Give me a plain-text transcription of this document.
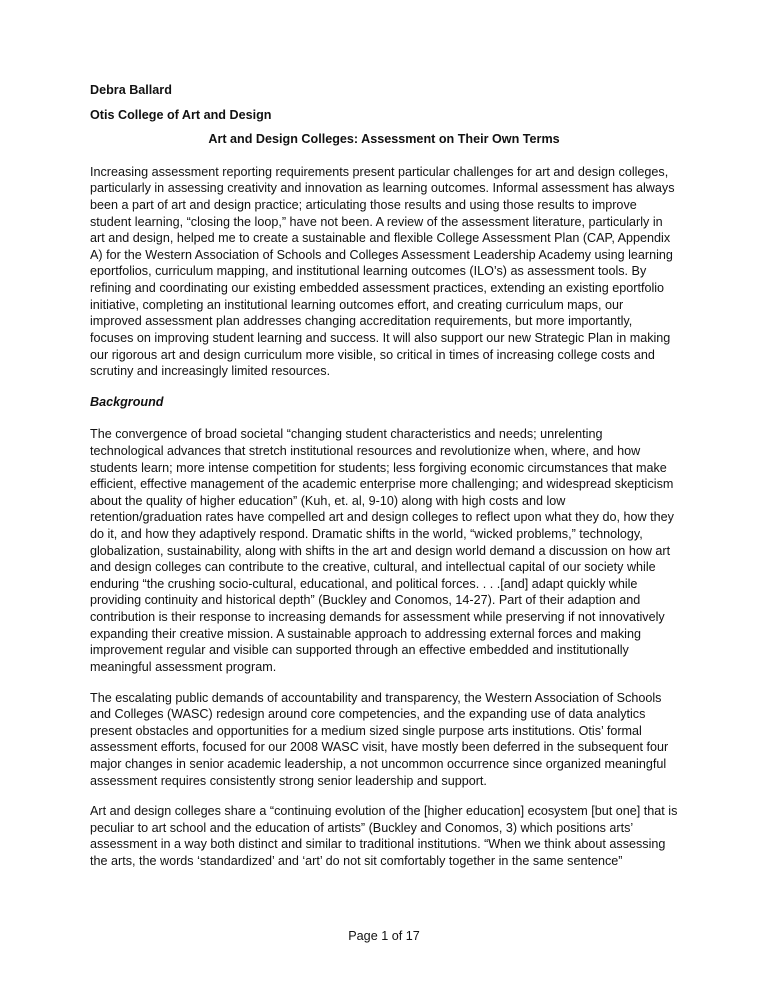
Debra Ballard

Otis College of Art and Design

Art and Design Colleges: Assessment on Their Own Terms

Increasing assessment reporting requirements present particular challenges for art and design colleges, particularly in assessing creativity and innovation as learning outcomes. Informal assessment has always been a part of art and design practice; articulating those results and using those results to improve student learning, “closing the loop,” have not been. A review of the assessment literature, particularly in art and design, helped me to create a sustainable and flexible College Assessment Plan (CAP, Appendix A) for the Western Association of Schools and Colleges Assessment Leadership Academy using learning eportfolios, curriculum mapping, and institutional learning outcomes (ILO’s) as assessment tools. By refining and coordinating our existing embedded assessment practices, extending an existing eportfolio initiative, completing an institutional learning outcomes effort, and creating curriculum maps, our improved assessment plan addresses changing accreditation requirements, but more importantly, focuses on improving student learning and success. It will also support our new Strategic Plan in making our rigorous art and design curriculum more visible, so critical in times of increasing college costs and scrutiny and increasingly limited resources.

Background

The convergence of broad societal “changing student characteristics and needs; unrelenting technological advances that stretch institutional resources and revolutionize when, where, and how students learn; more intense competition for students; less forgiving economic circumstances that make efficient, effective management of the academic enterprise more challenging; and widespread skepticism about the quality of higher education” (Kuh, et. al, 9-10) along with high costs and low retention/graduation rates have compelled art and design colleges to reflect upon what they do, how they do it, and how they adaptively respond. Dramatic shifts in the world, “wicked problems,” technology, globalization, sustainability, along with shifts in the art and design world demand a discussion on how art and design colleges can contribute to the creative, cultural, and intellectual capital of our society while enduring “the crushing socio-cultural, educational, and political forces. . . .[and] adapt quickly while providing continuity and historical depth” (Buckley and Conomos, 14-27). Part of their adaption and contribution is their response to increasing demands for assessment while preserving if not innovatively expanding their creative mission. A sustainable approach to addressing external forces and making improvement regular and visible can supported through an effective embedded and institutionally meaningful assessment program.

The escalating public demands of accountability and transparency, the Western Association of Schools and Colleges (WASC) redesign around core competencies, and the expanding use of data analytics present obstacles and opportunities for a medium sized single purpose arts institutions. Otis’ formal assessment efforts, focused for our 2008 WASC visit, have mostly been deferred in the subsequent four major changes in senior academic leadership, a not uncommon occurrence since organized meaningful assessment requires consistently strong senior leadership and support.

Art and design colleges share a “continuing evolution of the [higher education] ecosystem [but one] that is peculiar to art school and the education of artists” (Buckley and Conomos, 3) which positions arts’ assessment in a way both distinct and similar to traditional institutions. “When we think about assessing the arts, the words ‘standardized’ and ‘art’ do not sit comfortably together in the same sentence”

Page 1 of 17
